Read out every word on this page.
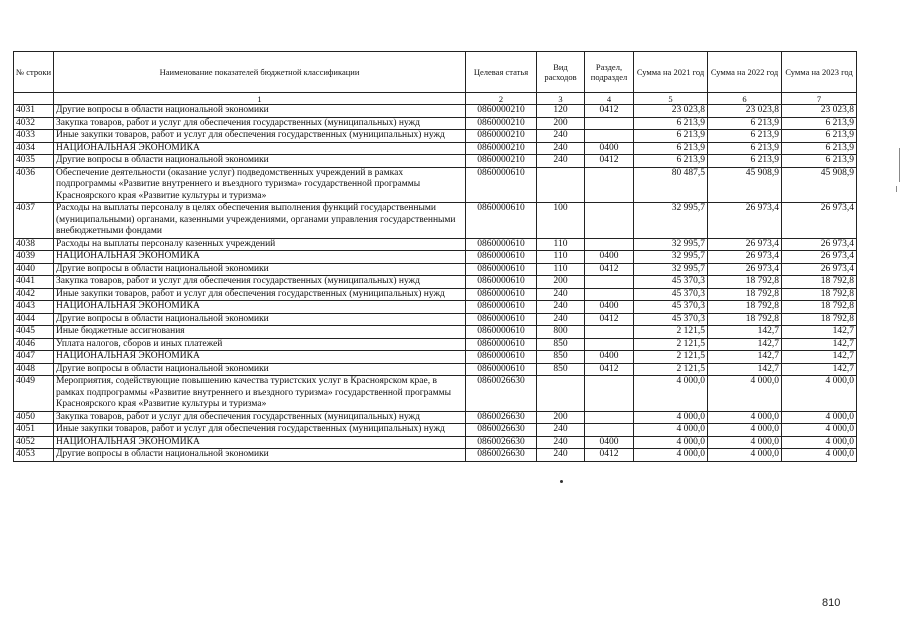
№ строки	Наименование показателей бюджетной классификации	Целевая статья	Вид расходов	Раздел, подраздел	Сумма на 2021 год	Сумма на 2022 год	Сумма на 2023 год
	1	2	3	4	5	6	7
4031	Другие вопросы в области национальной экономики	0860000210	120	0412	23 023,8	23 023,8	23 023,8
4032	Закупка товаров, работ и услуг для обеспечения государственных (муниципальных) нужд	0860000210	200		6 213,9	6 213,9	6 213,9
4033	Иные закупки товаров, работ и услуг для обеспечения государственных (муниципальных) нужд	0860000210	240		6 213,9	6 213,9	6 213,9
4034	НАЦИОНАЛЬНАЯ ЭКОНОМИКА	0860000210	240	0400	6 213,9	6 213,9	6 213,9
4035	Другие вопросы в области национальной экономики	0860000210	240	0412	6 213,9	6 213,9	6 213,9
4036	Обеспечение деятельности (оказание услуг) подведомственных учреждений в рамках подпрограммы «Развитие внутреннего и въездного туризма» государственной программы Красноярского края «Развитие культуры и туризма»	0860000610			80 487,5	45 908,9	45 908,9
4037	Расходы на выплаты персоналу в целях обеспечения выполнения функций государственными (муниципальными) органами, казенными учреждениями, органами управления государственными внебюджетными фондами	0860000610	100		32 995,7	26 973,4	26 973,4
4038	Расходы на выплаты персоналу казенных учреждений	0860000610	110		32 995,7	26 973,4	26 973,4
4039	НАЦИОНАЛЬНАЯ ЭКОНОМИКА	0860000610	110	0400	32 995,7	26 973,4	26 973,4
4040	Другие вопросы в области национальной экономики	0860000610	110	0412	32 995,7	26 973,4	26 973,4
4041	Закупка товаров, работ и услуг для обеспечения государственных (муниципальных) нужд	0860000610	200		45 370,3	18 792,8	18 792,8
4042	Иные закупки товаров, работ и услуг для обеспечения государственных (муниципальных) нужд	0860000610	240		45 370,3	18 792,8	18 792,8
4043	НАЦИОНАЛЬНАЯ ЭКОНОМИКА	0860000610	240	0400	45 370,3	18 792,8	18 792,8
4044	Другие вопросы в области национальной экономики	0860000610	240	0412	45 370,3	18 792,8	18 792,8
4045	Иные бюджетные ассигнования	0860000610	800		2 121,5	142,7	142,7
4046	Уплата налогов, сборов и иных платежей	0860000610	850		2 121,5	142,7	142,7
4047	НАЦИОНАЛЬНАЯ ЭКОНОМИКА	0860000610	850	0400	2 121,5	142,7	142,7
4048	Другие вопросы в области национальной экономики	0860000610	850	0412	2 121,5	142,7	142,7
4049	Мероприятия, содействующие повышению качества туристских услуг в Красноярском крае, в рамках подпрограммы «Развитие внутреннего и въездного туризма» государственной программы Красноярского края «Развитие культуры и туризма»	0860026630			4 000,0	4 000,0	4 000,0
4050	Закупка товаров, работ и услуг для обеспечения государственных (муниципальных) нужд	0860026630	200		4 000,0	4 000,0	4 000,0
4051	Иные закупки товаров, работ и услуг для обеспечения государственных (муниципальных) нужд	0860026630	240		4 000,0	4 000,0	4 000,0
4052	НАЦИОНАЛЬНАЯ ЭКОНОМИКА	0860026630	240	0400	4 000,0	4 000,0	4 000,0
4053	Другие вопросы в области национальной экономики	0860026630	240	0412	4 000,0	4 000,0	4 000,0
810
